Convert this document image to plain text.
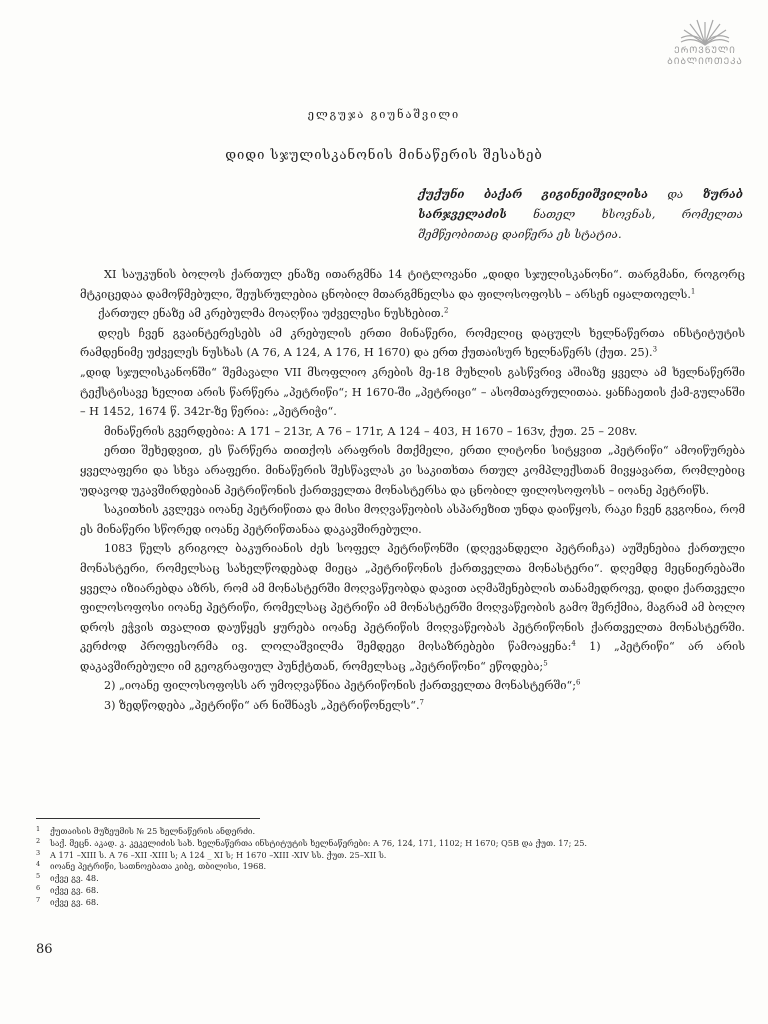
ᲔᲠᲝᲕᲜᲣᲚᲘ
ᲑᲘᲑᲚᲘᲝᲗᲔᲙᲐ
ელგუჯა გიუნაშვილი
დიდი სჯულისკანონის მინაწერის შესახებ
ქუქუნი ბაქარ გიგინეიშვილისა და ზურაბ სარჯველაძის ნათელ ხსოვნას, რომელთა შემწეობითაც დაიწერა ეს სტატია.

XI საუკუნის ბოლოს ქართულ ენაზე ითარგმნა 14 ტიტლოვანი „დიდი სჯულისკანონი“. თარგმანი, როგორც მტკიცედაა დამოწმებული, შეუსრულებია ცნობილ მთარგმნელსა და ფილოსოფოსს – არსენ იყალთოელს.$^1$

ქართულ ენაზე ამ კრებულმა მოაღწია უძველესი ნუსხებით.$^2$

დღეს ჩვენ გვაინტერესებს ამ კრებულის ერთი მინაწერი, რომელიც დაცულს ხელნაწერთა ინსტიტუტის რამდენიმე უძველეს ნუსხას (A 76, A 124, A 176, H 1670) და ერთ ქუთაისურ ხელნაწერს (ქუთ. 25).$^3$

„დიდ სჯულისკანონში“ შემავალი VII მსოფლიო კრების მე-18 მუხლის გასწვრივ აშიაზე ყველა ამ ხელნაწერში ტექსტისავე ხელით არის წარწერა „პეტრიწი“; H 1670-ში „პეტრიცი“ – ასომთავრულითაა. ყანჩაეთის ქამ-გულანში – H 1452, 1674 წ. 342r-ზე წერია: „პეტრიჭი“.

მინაწერის გვერდებია: A 171 – 213r, A 76 – 171r, A 124 – 403, H 1670 – 163v, ქუთ. 25 – 208v.

ერთი შეხედვით, ეს წარწერა თითქოს არაფრის მთქმელი, ერთი ლიტონი სიტყვით „პეტრიწი“ ამოიწურება ყველაფერი და სხვა არაფერი. მინაწერის შესწავლას კი საკითხთა რთულ კომპლექსთან მივყავართ, რომლებიც უდავოდ უკავშირდებიან პეტრიწონის ქართველთა მონასტერსა და ცნობილ ფილოსოფოსს – იოანე პეტრიწს.

საკითხის კვლევა იოანე პეტრიწითა და მისი მოღვაწეობის ასპარეზით უნდა დაიწყოს, რაკი ჩვენ გვგონია, რომ ეს მინაწერი სწორედ იოანე პეტრიწთანაა დაკავშირებული.

1083 წელს გრიგოლ ბაკურიანის ძეს სოფელ პეტრიწონში (დღევანდელი პეტრიჩკა) აუშენებია ქართული მონასტერი, რომელსაც სახელწოდებად მიეცა „პეტრიწონის ქართველთა მონასტერი“. დღემდე მეცნიერებაში ყველა იზიარებდა აზრს, რომ ამ მონასტერში მოღვაწეობდა დავით აღმაშენებლის თანამედროვე, დიდი ქართველი ფილოსოფოსი იოანე პეტრიწი, რომელსაც პეტრიწი ამ მონასტერში მოღვაწეობის გამო შერქმია, მაგრამ ამ ბოლო დროს ეჭვის თვალით დაუწყეს ყურება იოანე პეტრიწის მოღვაწეობას პეტრიწონის ქართველთა მონასტერში. კერძოდ პროფესორმა ივ. ლოლაშვილმა შემდეგი მოსაზრებები წამოაყენა:$^4$ 1) „პეტრიწი“ არ არის დაკავშირებული იმ გეოგრაფიულ პუნქტთან, რომელსაც „პეტრიწონი“ ეწოდება;$^5$

2) „იოანე ფილოსოფოსს არ უმოღვაწნია პეტრიწონის ქართველთა მონასტერში“;$^6$

3) ზედწოდება „პეტრიწი“ არ ნიშნავს „პეტრიწონელს“.$^7$

1	ქუთაისის მუზეუმის № 25 ხელნაწერის ანდერძი.
2	საქ. მეცნ. აკად. კ. კეკელიძის სახ. ხელნაწერთა ინსტიტუტის ხელნაწერები: A 76, 124, 171, 1102; H 1670; Q5B და ქუთ. 17; 25.
3	A 171 –XIII ს. A 76 –XII -XIII ს; A 124 _ XI ს; H 1670 –XIII -XIV სს. ქუთ. 25–XII ს.
4	იოანე პეტრიწი, სათნოებათა კიბე, თბილისი, 1968.
5	იქვე გვ. 48.
6	იქვე გვ. 68.
7	იქვე გვ. 68.
86
